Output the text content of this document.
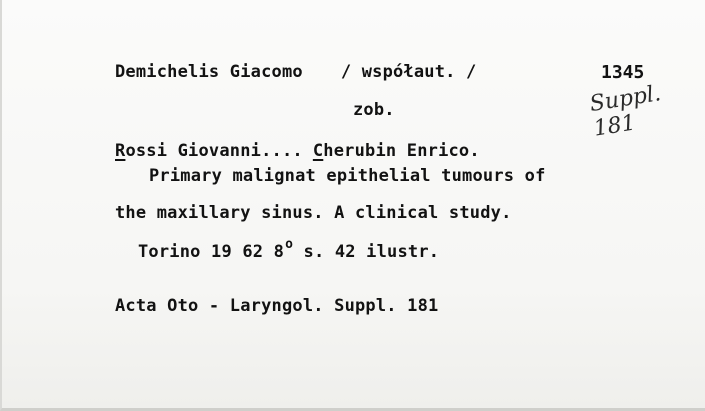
Demichelis Giacomo / współaut. /	1345
Suppl. 181
zob.
Rossi Giovanni.... Cherubin Enrico.
Primary malignat epithelial tumours of
the maxillary sinus. A clinical study.
Torino 19 62 8$^o$ s. 42 ilustr.
Acta Oto - Laryngol. Suppl. 181
